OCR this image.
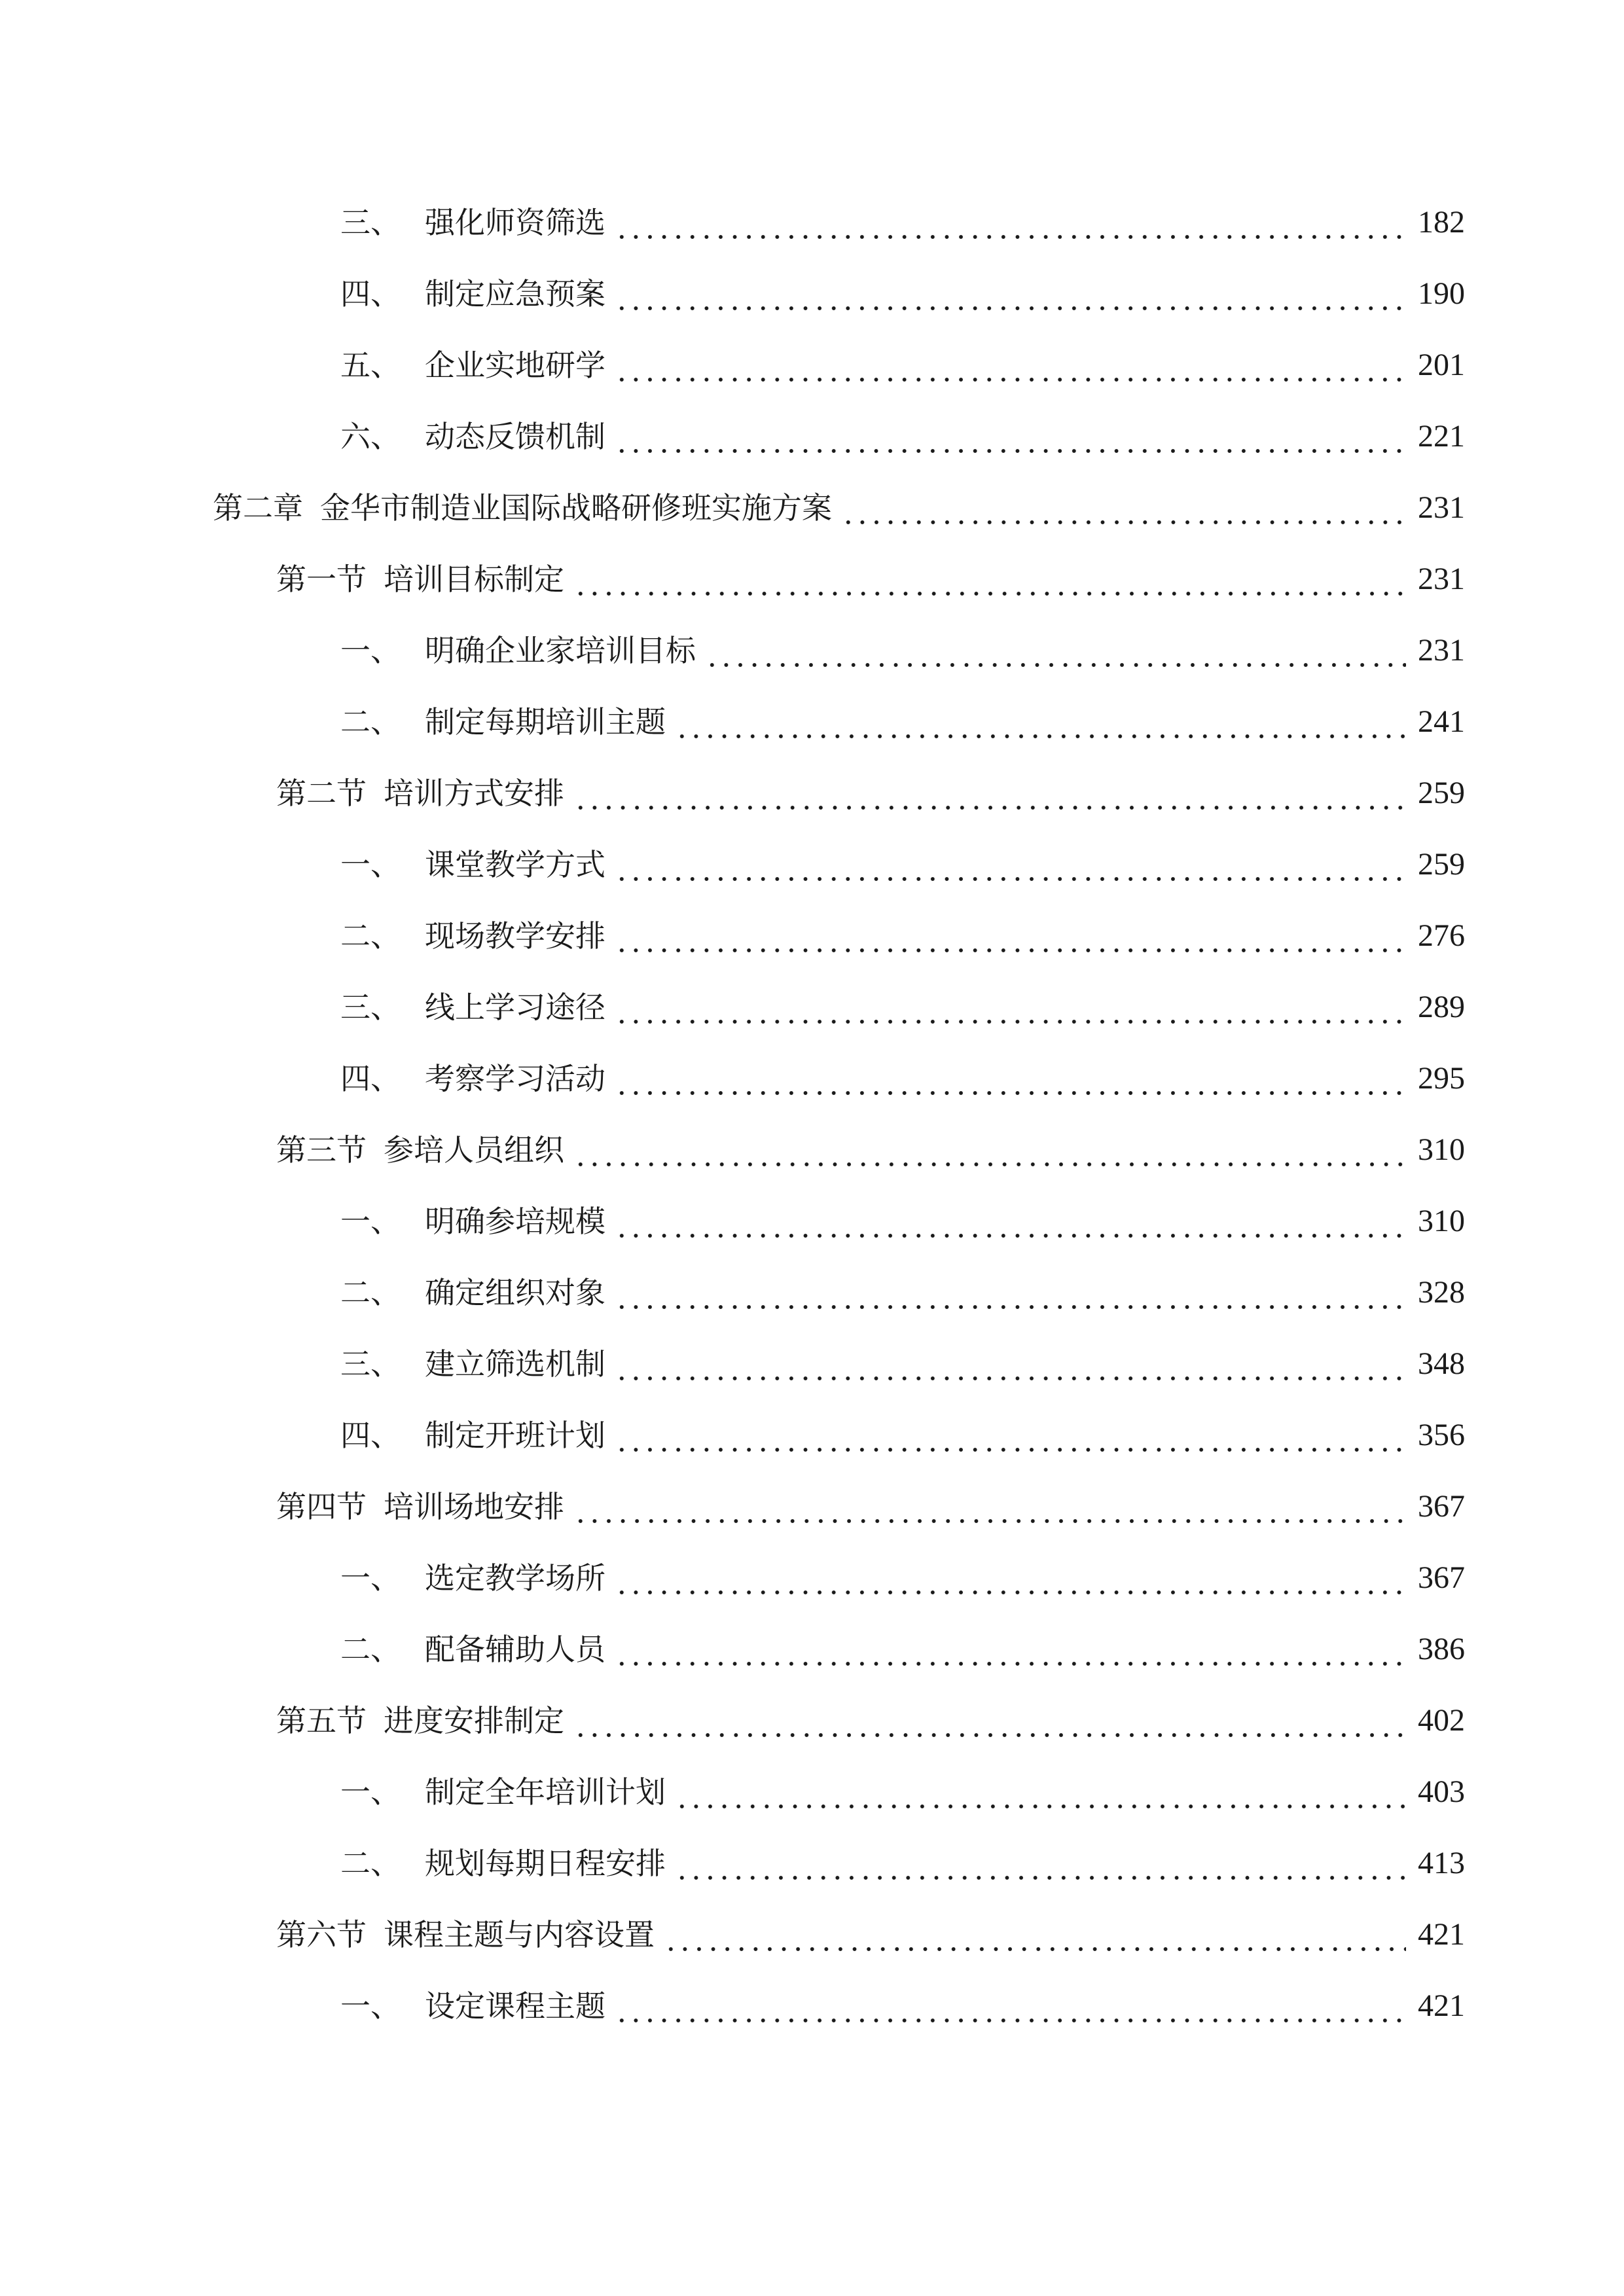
三、 强化师资筛选	182
四、 制定应急预案	190
五、 企业实地研学	201
六、 动态反馈机制	221
第二章 金华市制造业国际战略研修班实施方案	231
第一节 培训目标制定	231
一、 明确企业家培训目标	231
二、 制定每期培训主题	241
第二节 培训方式安排	259
一、 课堂教学方式	259
二、 现场教学安排	276
三、 线上学习途径	289
四、 考察学习活动	295
第三节 参培人员组织	310
一、 明确参培规模	310
二、 确定组织对象	328
三、 建立筛选机制	348
四、 制定开班计划	356
第四节 培训场地安排	367
一、 选定教学场所	367
二、 配备辅助人员	386
第五节 进度安排制定	402
一、 制定全年培训计划	403
二、 规划每期日程安排	413
第六节 课程主题与内容设置	421
一、 设定课程主题	421
